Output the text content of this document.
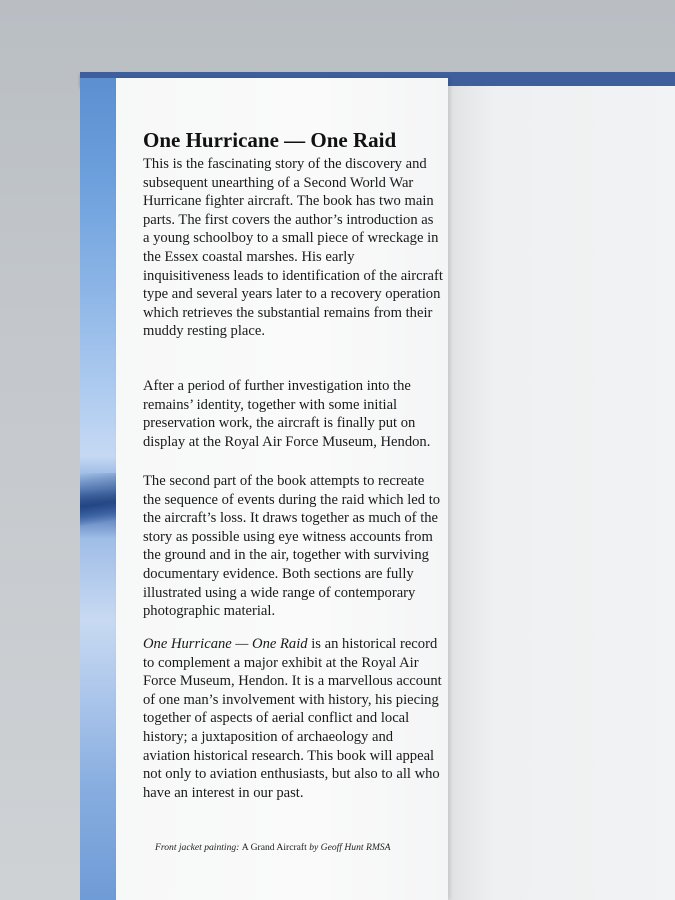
One Hurricane — One Raid

This is the fascinating story of the discovery and subsequent unearthing of a Second World War Hurricane fighter aircraft. The book has two main parts. The first covers the author’s introduction as a young schoolboy to a small piece of wreckage in the Essex coastal marshes. His early inquisitiveness leads to identification of the aircraft type and several years later to a recovery operation which retrieves the substantial remains from their muddy resting place.

After a period of further investigation into the remains’ identity, together with some initial preservation work, the aircraft is finally put on display at the Royal Air Force Museum, Hendon.

The second part of the book attempts to recreate the sequence of events during the raid which led to the aircraft’s loss. It draws together as much of the story as possible using eye witness accounts from the ground and in the air, together with surviving documentary evidence. Both sections are fully illustrated using a wide range of contemporary photographic material.

One Hurricane — One Raid is an historical record to complement a major exhibit at the Royal Air Force Museum, Hendon. It is a marvellous account of one man’s involvement with history, his piecing together of aspects of aerial conflict and local history; a juxtaposition of archaeology and aviation historical research. This book will appeal not only to aviation enthusiasts, but also to all who have an interest in our past.

Front jacket painting: A Grand Aircraft by Geoff Hunt RMSA
